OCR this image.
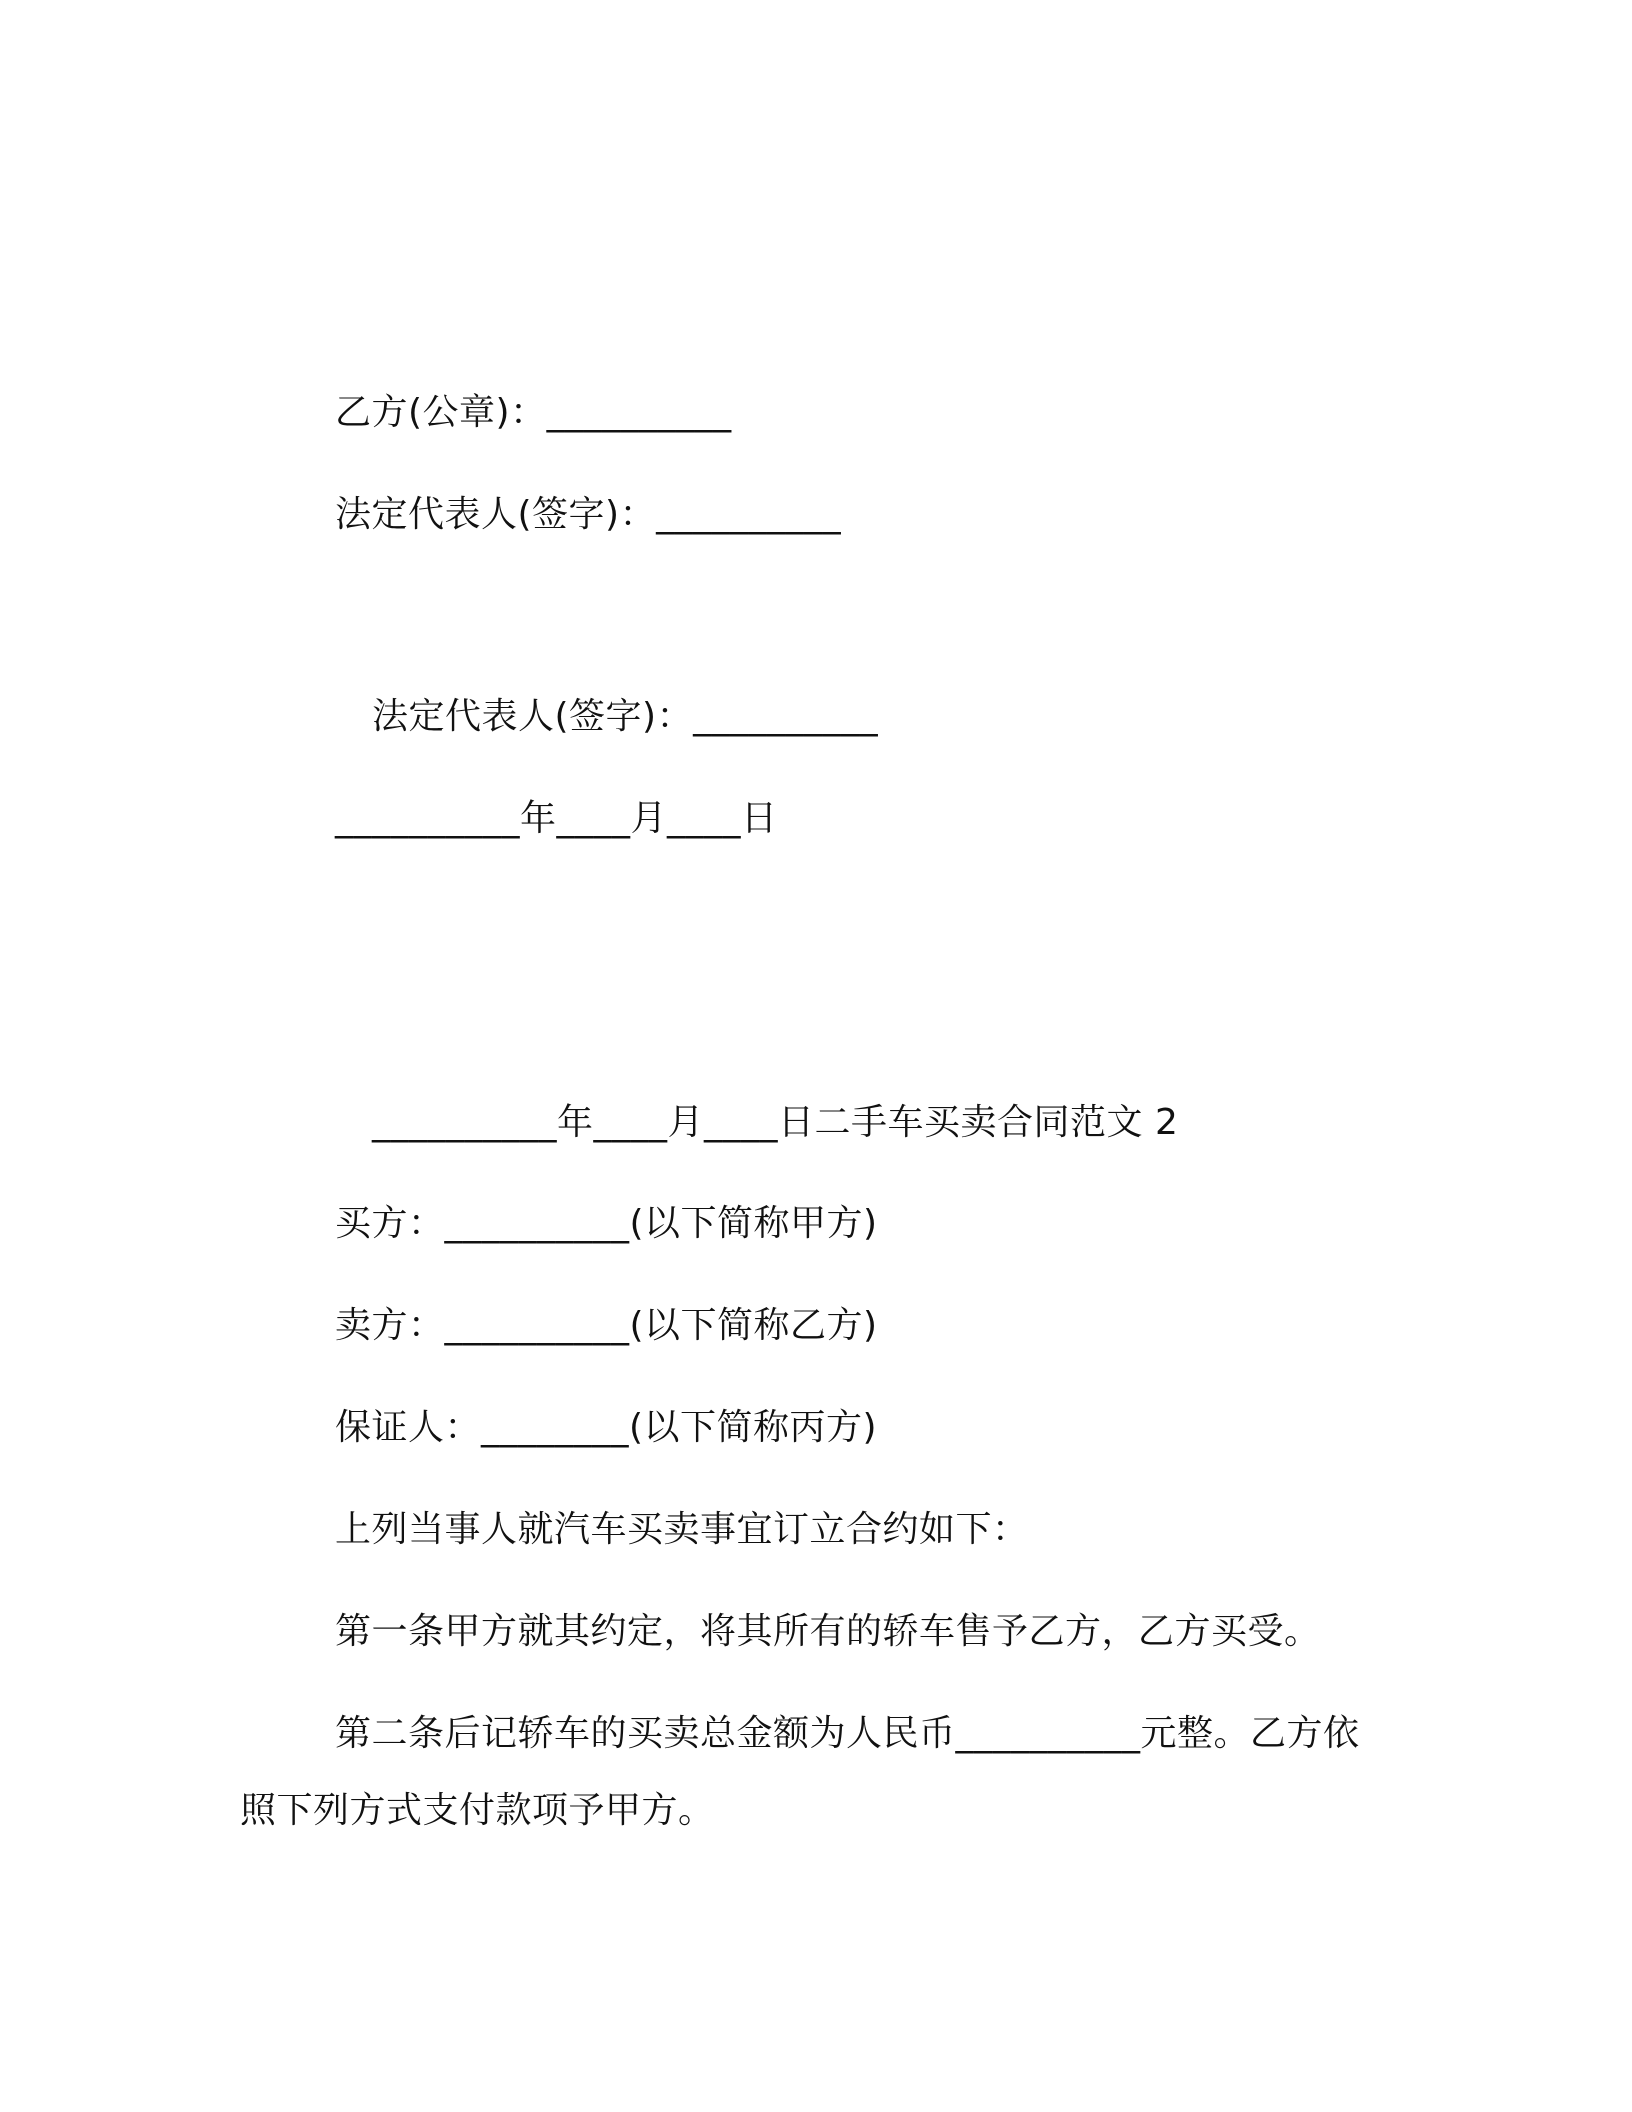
乙方(公章)：__________
法定代表人(签字)：__________
法定代表人(签字)：__________
__________年____月____日
__________年____月____日二手车买卖合同范文 2
买方：__________(以下简称甲方)
卖方：__________(以下简称乙方)
保证人：________(以下简称丙方)
上列当事人就汽车买卖事宜订立合约如下：
第一条甲方就其约定，将其所有的轿车售予乙方，乙方买受。
第二条后记轿车的买卖总金额为人民币__________元整。乙方依
照下列方式支付款项予甲方。
